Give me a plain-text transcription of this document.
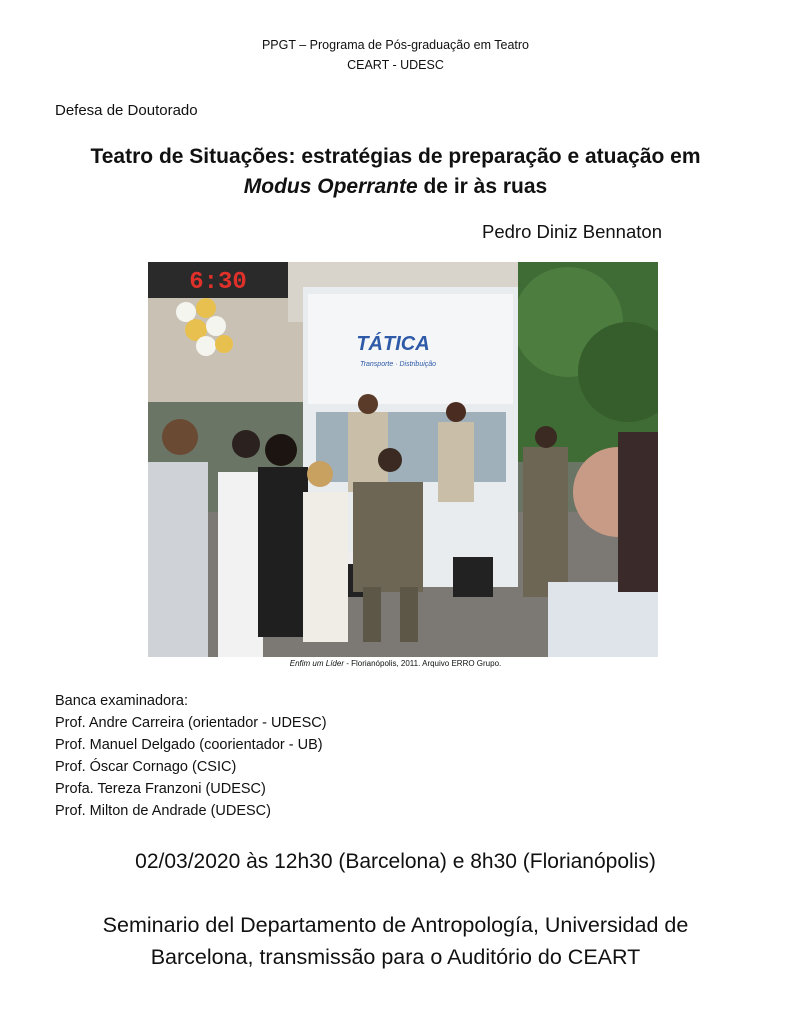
PPGT – Programa de Pós-graduação em Teatro
CEART - UDESC
Defesa de Doutorado
Teatro de Situações: estratégias de preparação e atuação em
Modus Operrante de ir às ruas
Pedro Diniz Bennaton
6:30
TÁTICA
Transporte · Distribuição
Enfim um Líder - Florianópolis, 2011. Arquivo ERRO Grupo.
Banca examinadora:
Prof. Andre Carreira (orientador - UDESC)
Prof. Manuel Delgado (coorientador - UB)
Prof. Óscar Cornago (CSIC)
Profa. Tereza Franzoni (UDESC)
Prof. Milton de Andrade (UDESC)
02/03/2020 às 12h30 (Barcelona) e 8h30 (Florianópolis)
Seminario del Departamento de Antropología, Universidad de
Barcelona, transmissão para o Auditório do CEART
